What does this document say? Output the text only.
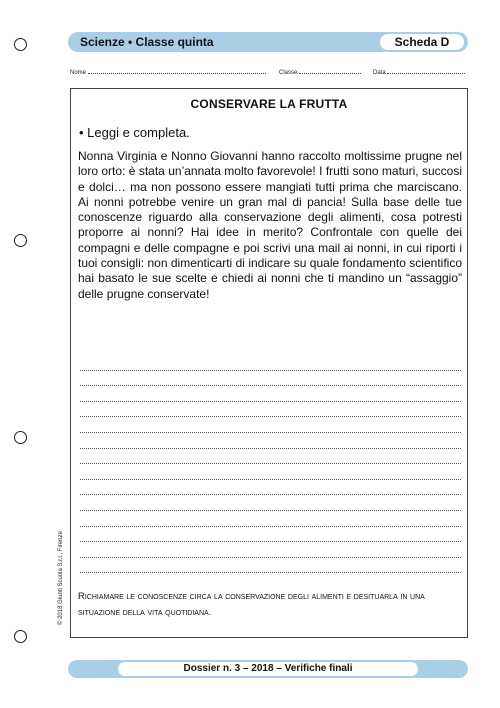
Scienze • Classe quinta	Scheda D
Nome	Classe	Data
CONSERVARE LA FRUTTA
• Leggi e completa.
Nonna Virginia e Nonno Giovanni hanno raccolto moltissime prugne nel loro orto: è stata un’annata molto favorevole! I frutti sono maturi, succosi e dolci… ma non possono essere mangiati tutti prima che marciscano. Ai nonni potrebbe venire un gran mal di pancia! Sulla base delle tue conoscenze riguardo alla conservazione degli alimenti, cosa potresti proporre ai nonni? Hai idee in merito? Confrontale con quelle dei compagni e delle compagne e poi scrivi una mail ai nonni, in cui riporti i tuoi consigli: non dimenticarti di indicare su quale fondamento scientifico hai basato le sue scelte e chiedi ai nonni che ti mandino un “assaggio” delle prugne conservate!
Richiamare le conoscenze circa la conservazione degli alimenti e desituarla in una situazione della vita quotidiana.
© 2018 Giunti Scuola S.r.l., Firenze
Dossier n. 3 – 2018 – Verifiche finali
